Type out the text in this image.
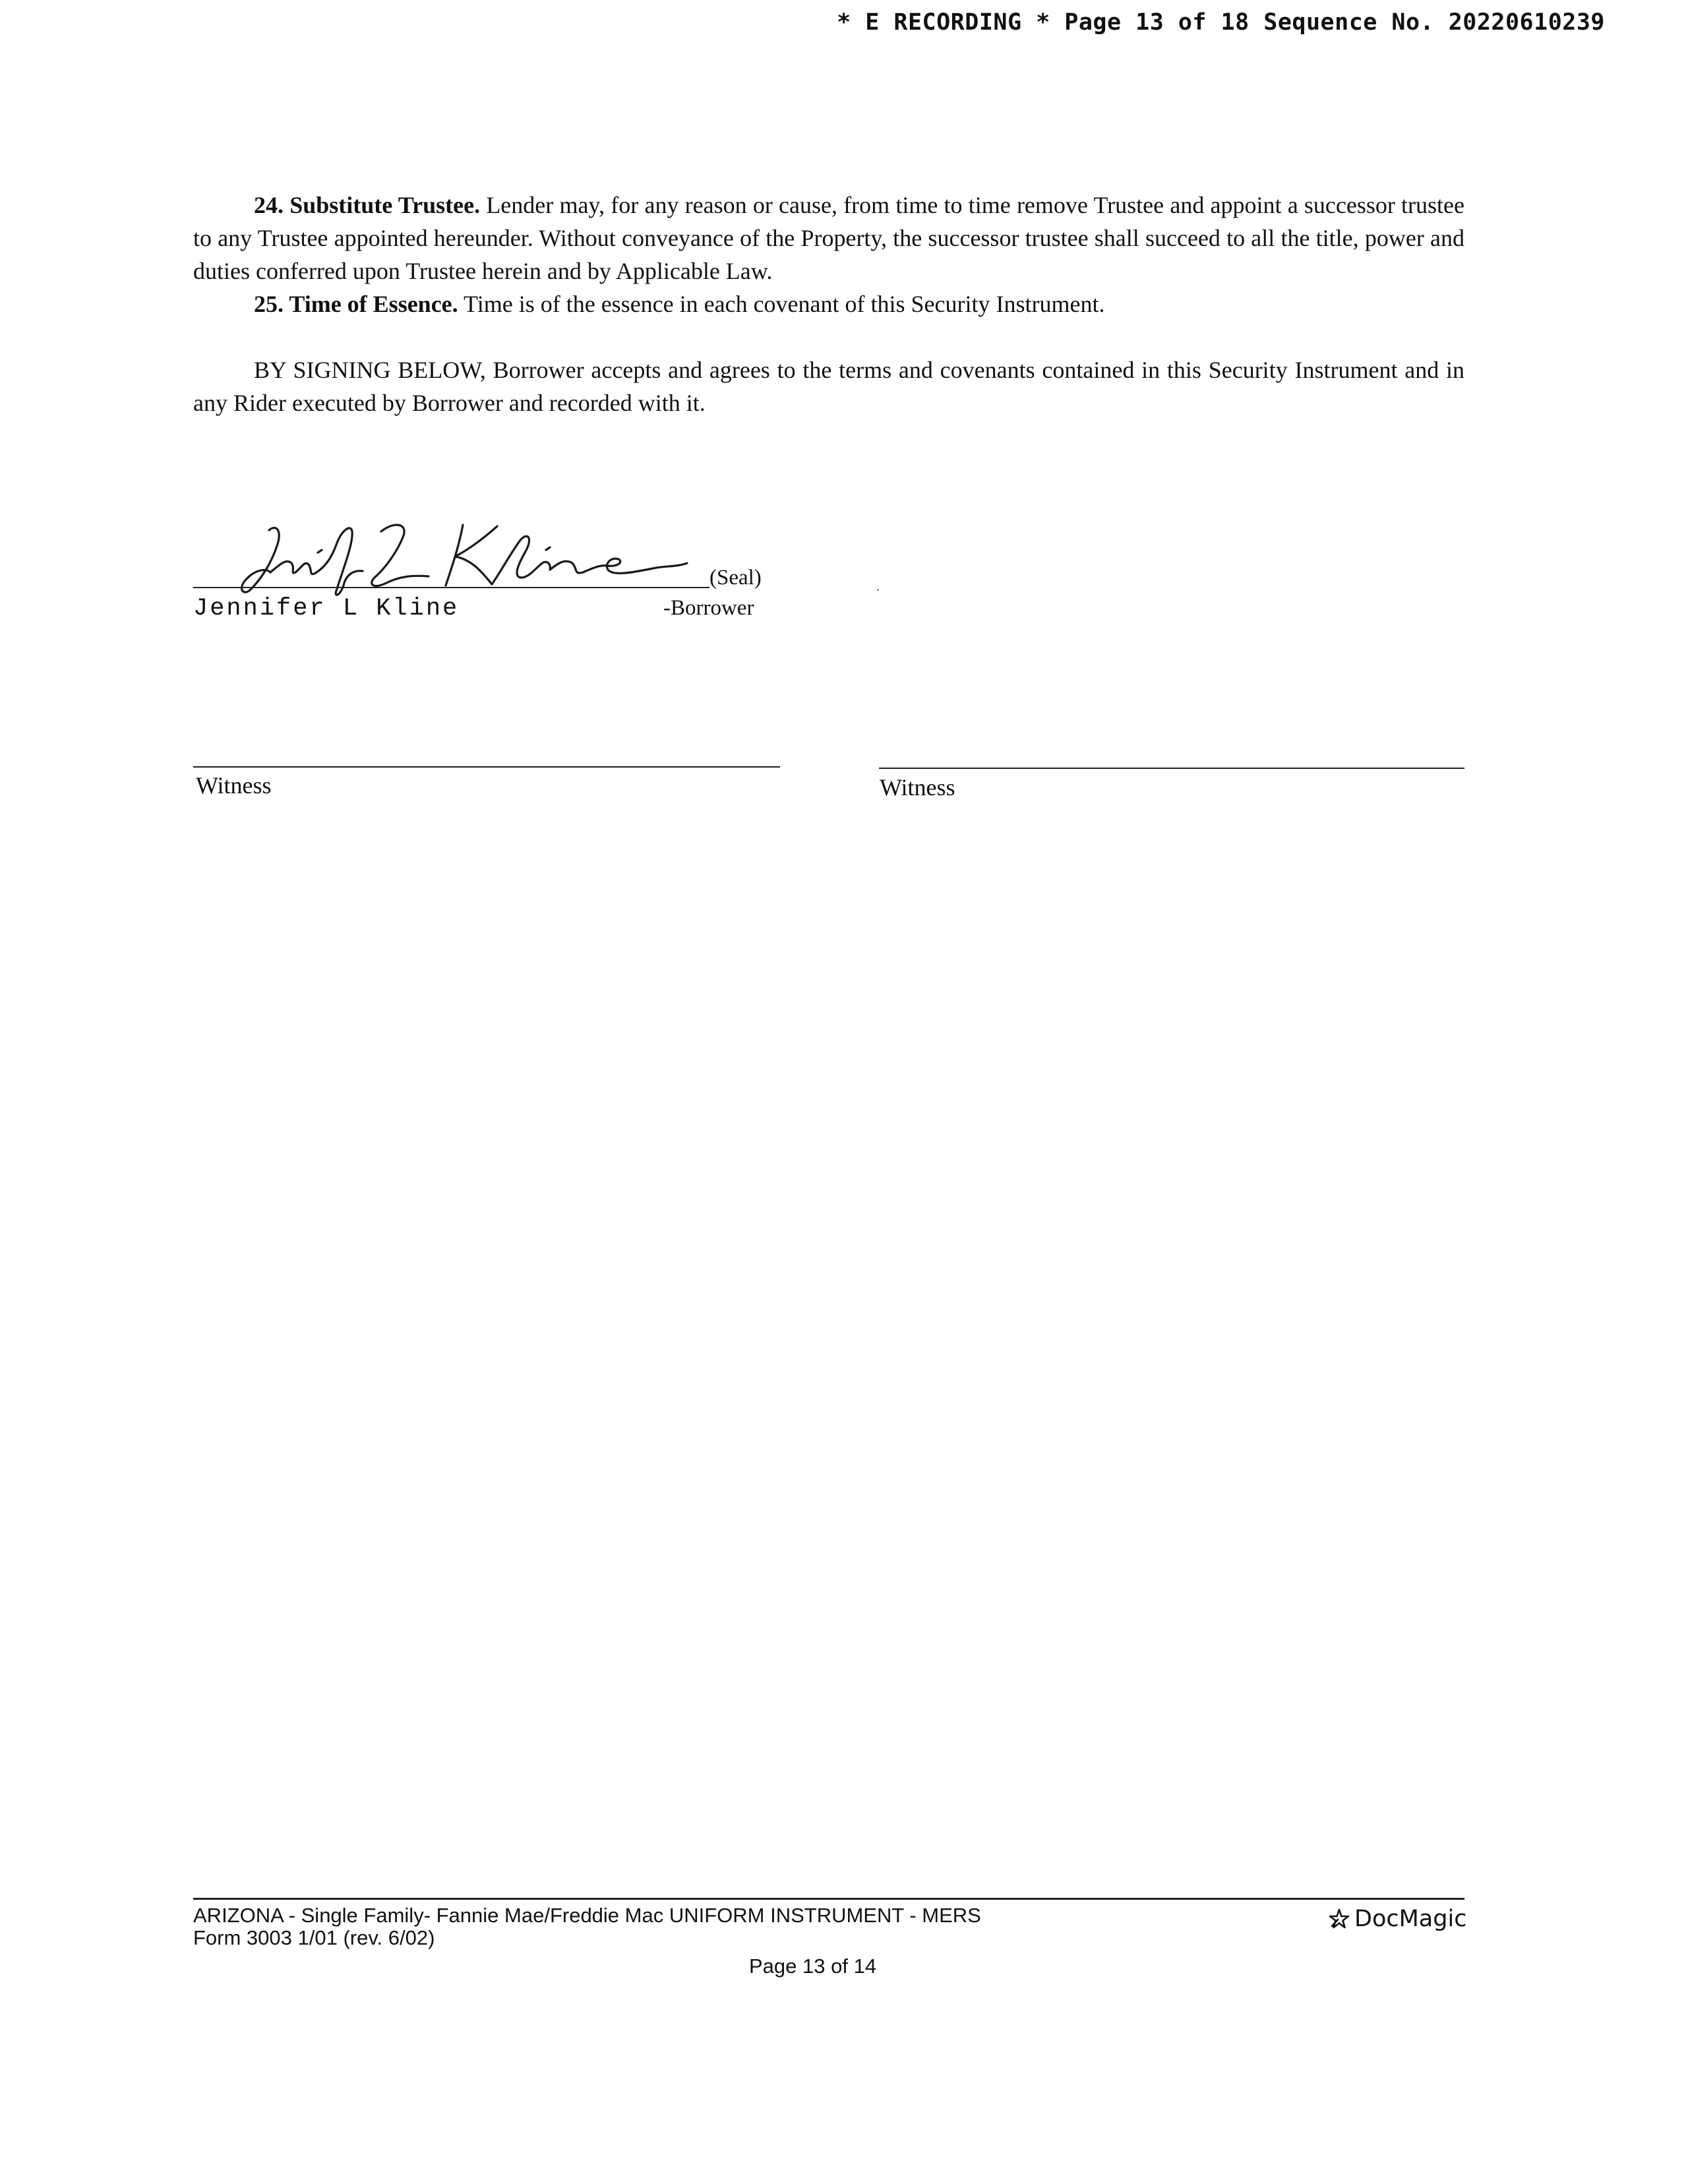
* E RECORDING * Page 13 of 18 Sequence No. 20220610239

24. Substitute Trustee. Lender may, for any reason or cause, from time to time remove Trustee and appoint a successor trustee to any Trustee appointed hereunder. Without conveyance of the Property, the successor trustee shall succeed to all the title, power and duties conferred upon Trustee herein and by Applicable Law.

25. Time of Essence. Time is of the essence in each covenant of this Security Instrument.

BY SIGNING BELOW, Borrower accepts and agrees to the terms and covenants contained in this Security Instrument and in any Rider executed by Borrower and recorded with it.

(Seal)
Jennifer L Kline	-Borrower
Witness	Witness
ARIZONA - Single Family- Fannie Mae/Freddie Mac UNIFORM INSTRUMENT - MERS
Form 3003 1/01 (rev. 6/02)
Page 13 of 14
DocMagic
